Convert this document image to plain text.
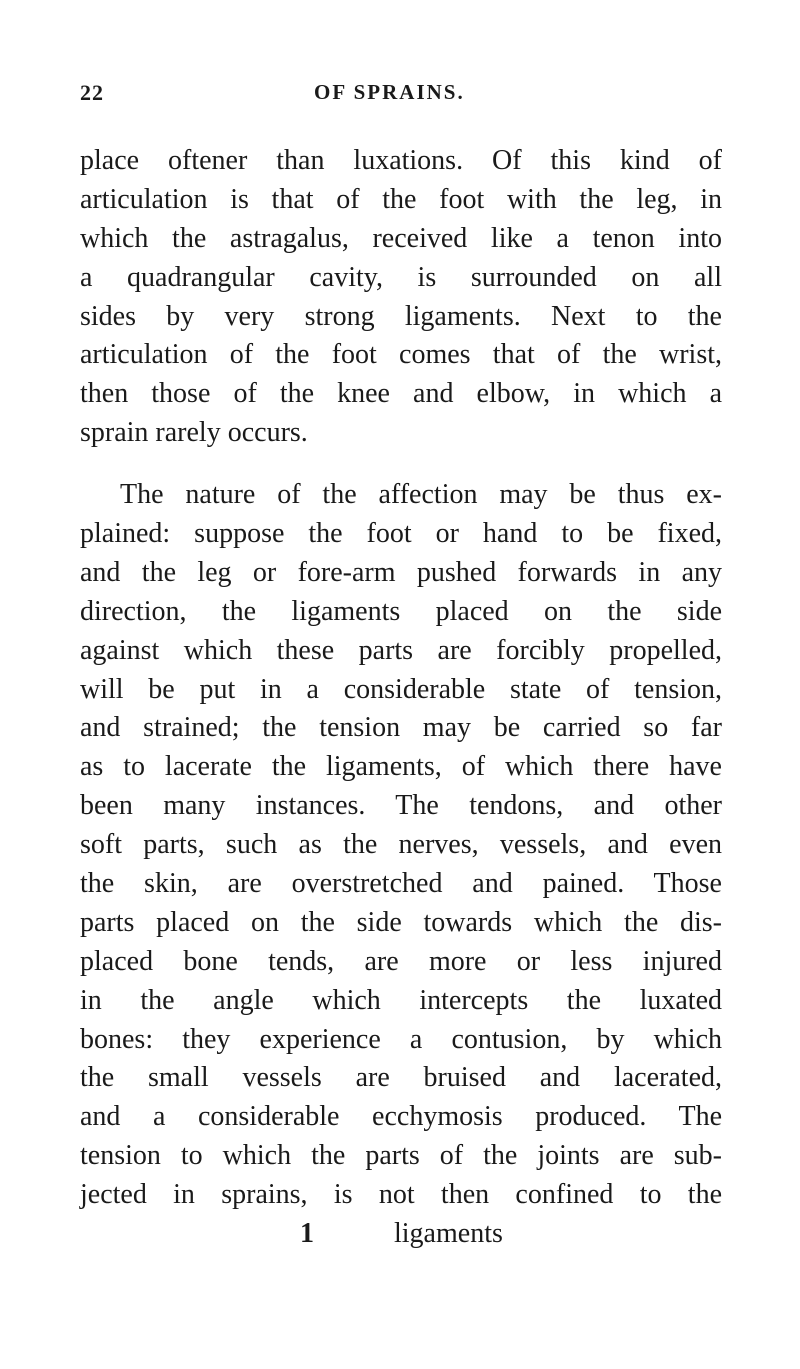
22	OF SPRAINS.
place oftener than luxations. Of this kind of
articulation is that of the foot with the leg, in
which the astragalus, received like a tenon into
a quadrangular cavity, is surrounded on all
sides by very strong ligaments. Next to the
articulation of the foot comes that of the wrist,
then those of the knee and elbow, in which a
sprain rarely occurs.
The nature of the affection may be thus ex-
plained: suppose the foot or hand to be fixed,
and the leg or fore-arm pushed forwards in any
direction, the ligaments placed on the side
against which these parts are forcibly propelled,
will be put in a considerable state of tension,
and strained; the tension may be carried so far
as to lacerate the ligaments, of which there have
been many instances. The tendons, and other
soft parts, such as the nerves, vessels, and even
the skin, are overstretched and pained. Those
parts placed on the side towards which the dis-
placed bone tends, are more or less injured
in the angle which intercepts the luxated
bones: they experience a contusion, by which
the small vessels are bruised and lacerated,
and a considerable ecchymosis produced. The
tension to which the parts of the joints are sub-
jected in sprains, is not then confined to the
1	ligaments
